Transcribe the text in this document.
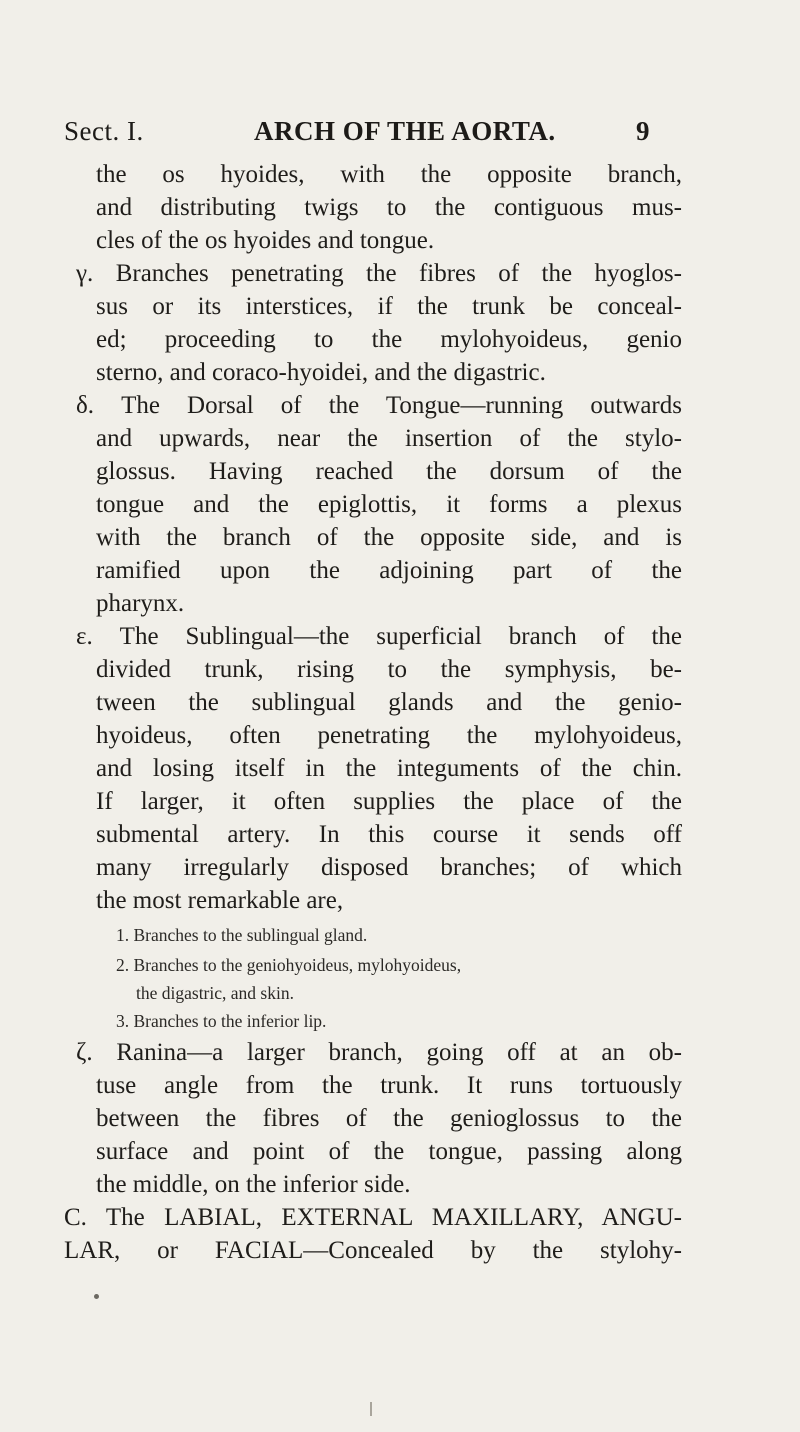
Sect. I.	ARCH OF THE AORTA.	9
the os hyoides, with the opposite branch,
and distributing twigs to the contiguous mus-
cles of the os hyoides and tongue.
γ. Branches penetrating the fibres of the hyoglos-
sus or its interstices, if the trunk be conceal-
ed; proceeding to the mylohyoideus, genio
sterno, and coraco-hyoidei, and the digastric.
δ. The Dorsal of the Tongue—running outwards
and upwards, near the insertion of the stylo-
glossus. Having reached the dorsum of the
tongue and the epiglottis, it forms a plexus
with the branch of the opposite side, and is
ramified upon the adjoining part of the
pharynx.
ε. The Sublingual—the superficial branch of the
divided trunk, rising to the symphysis, be-
tween the sublingual glands and the genio-
hyoideus, often penetrating the mylohyoideus,
and losing itself in the integuments of the chin.
If larger, it often supplies the place of the
submental artery. In this course it sends off
many irregularly disposed branches; of which
the most remarkable are,
1. Branches to the sublingual gland.
2. Branches to the geniohyoideus, mylohyoideus,
the digastric, and skin.
3. Branches to the inferior lip.
ζ. Ranina—a larger branch, going off at an ob-
tuse angle from the trunk. It runs tortuously
between the fibres of the genioglossus to the
surface and point of the tongue, passing along
the middle, on the inferior side.
C. The LABIAL, EXTERNAL MAXILLARY, ANGU-
LAR, or FACIAL—Concealed by the stylohy-
